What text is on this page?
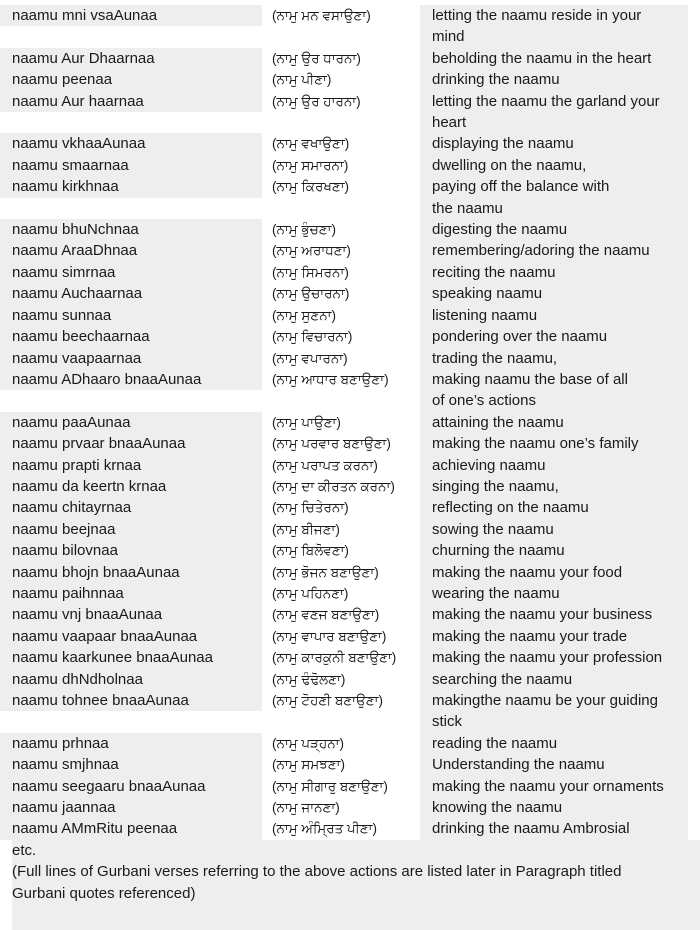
naamu mni vsaAunaa	(ਨਾਮੁ ਮਨ ਵਸਾਉਣਾ)	letting the naamu reside in your
mind
naamu Aur Dhaarnaa	(ਨਾਮੁ ਉਰ ਧਾਰਨਾ)	beholding the naamu in the heart
naamu peenaa	(ਨਾਮੁ ਪੀਣਾ)	drinking the naamu
naamu Aur haarnaa	(ਨਾਮੁ ਉਰ ਹਾਰਨਾ)	letting the naamu the garland your
heart
naamu vkhaaAunaa	(ਨਾਮੁ ਵਖਾਉਣਾ)	displaying the naamu
naamu smaarnaa	(ਨਾਮੁ ਸਮਾਰਨਾ)	dwelling on the naamu,
naamu kirkhnaa	(ਨਾਮੁ ਕਿਰਖਣਾ)	paying off the balance with
the naamu
naamu bhuNchnaa	(ਨਾਮੁ ਭੁੰਚਣਾ)	digesting the naamu
naamu AraaDhnaa	(ਨਾਮੁ ਅਰਾਧਣਾ)	remembering/adoring the naamu
naamu simrnaa	(ਨਾਮੁ ਸਿਮਰਨਾ)	reciting the naamu
naamu Auchaarnaa	(ਨਾਮੁ ਉਚਾਰਨਾ)	speaking naamu
naamu sunnaa	(ਨਾਮੁ ਸੁਣਨਾ)	listening naamu
naamu beechaarnaa	(ਨਾਮੁ ਵਿਚਾਰਨਾ)	pondering over the naamu
naamu vaapaarnaa	(ਨਾਮੁ ਵਪਾਰਨਾ)	trading the naamu,
naamu ADhaaro bnaaAunaa	(ਨਾਮੁ ਆਧਾਰ ਬਣਾਉਣਾ)	making naamu the base of all
of one’s actions
naamu paaAunaa	(ਨਾਮੁ ਪਾਉਣਾ)	attaining the naamu
naamu prvaar bnaaAunaa	(ਨਾਮੁ ਪਰਵਾਰ ਬਣਾਉਣਾ)	making the naamu one’s family
naamu prapti krnaa	(ਨਾਮੁ ਪਰਾਪਤ ਕਰਨਾ)	achieving naamu
naamu da keertn krnaa	(ਨਾਮੁ ਦਾ ਕੀਰਤਨ ਕਰਨਾ)	singing the naamu,
naamu chitayrnaa	(ਨਾਮੁ ਚਿਤੇਰਨਾ)	reflecting on the naamu
naamu beejnaa	(ਨਾਮੁ ਬੀਜਣਾ)	sowing the naamu
naamu bilovnaa	(ਨਾਮੁ ਬਿਲੋਵਣਾ)	churning the naamu
naamu bhojn bnaaAunaa	(ਨਾਮੁ ਭੋਜਨ ਬਣਾਉਣਾ)	making the naamu your food
naamu paihnnaa	(ਨਾਮੁ ਪਹਿਨਣਾ)	wearing the naamu
naamu vnj bnaaAunaa	(ਨਾਮੁ ਵਣਜ ਬਣਾਉਣਾ)	making the naamu your business
naamu vaapaar bnaaAunaa	(ਨਾਮੁ ਵਾਪਾਰ ਬਣਾਉਣਾ)	making the naamu your trade
naamu kaarkunee bnaaAunaa	(ਨਾਮੁ ਕਾਰਕੁਨੀ ਬਣਾਉਣਾ)	making the naamu your profession
naamu dhNdholnaa	(ਨਾਮੁ ਢੰਢੋਲਣਾ)	searching the naamu
naamu tohnee bnaaAunaa	(ਨਾਮੁ ਟੋਹਣੀ ਬਣਾਉਣਾ)	makingthe naamu be your guiding
stick
naamu prhnaa	(ਨਾਮੁ ਪੜ੍ਹਨਾ)	reading the naamu
naamu smjhnaa	(ਨਾਮੁ ਸਮਝਣਾ)	Understanding the naamu
naamu seegaaru bnaaAunaa	(ਨਾਮੁ ਸੀਗਾਰੁ ਬਣਾਉਣਾ)	making the naamu your ornaments
naamu jaannaa	(ਨਾਮੁ ਜਾਨਣਾ)	knowing the naamu
naamu AMmRitu peenaa	(ਨਾਮੁ ਅੰਮ੍ਰਿਤ ਪੀਣਾ)	drinking the naamu Ambrosial
etc.
(Full lines of Gurbani verses referring to the above actions are listed later in Paragraph titled
Gurbani quotes referenced)
